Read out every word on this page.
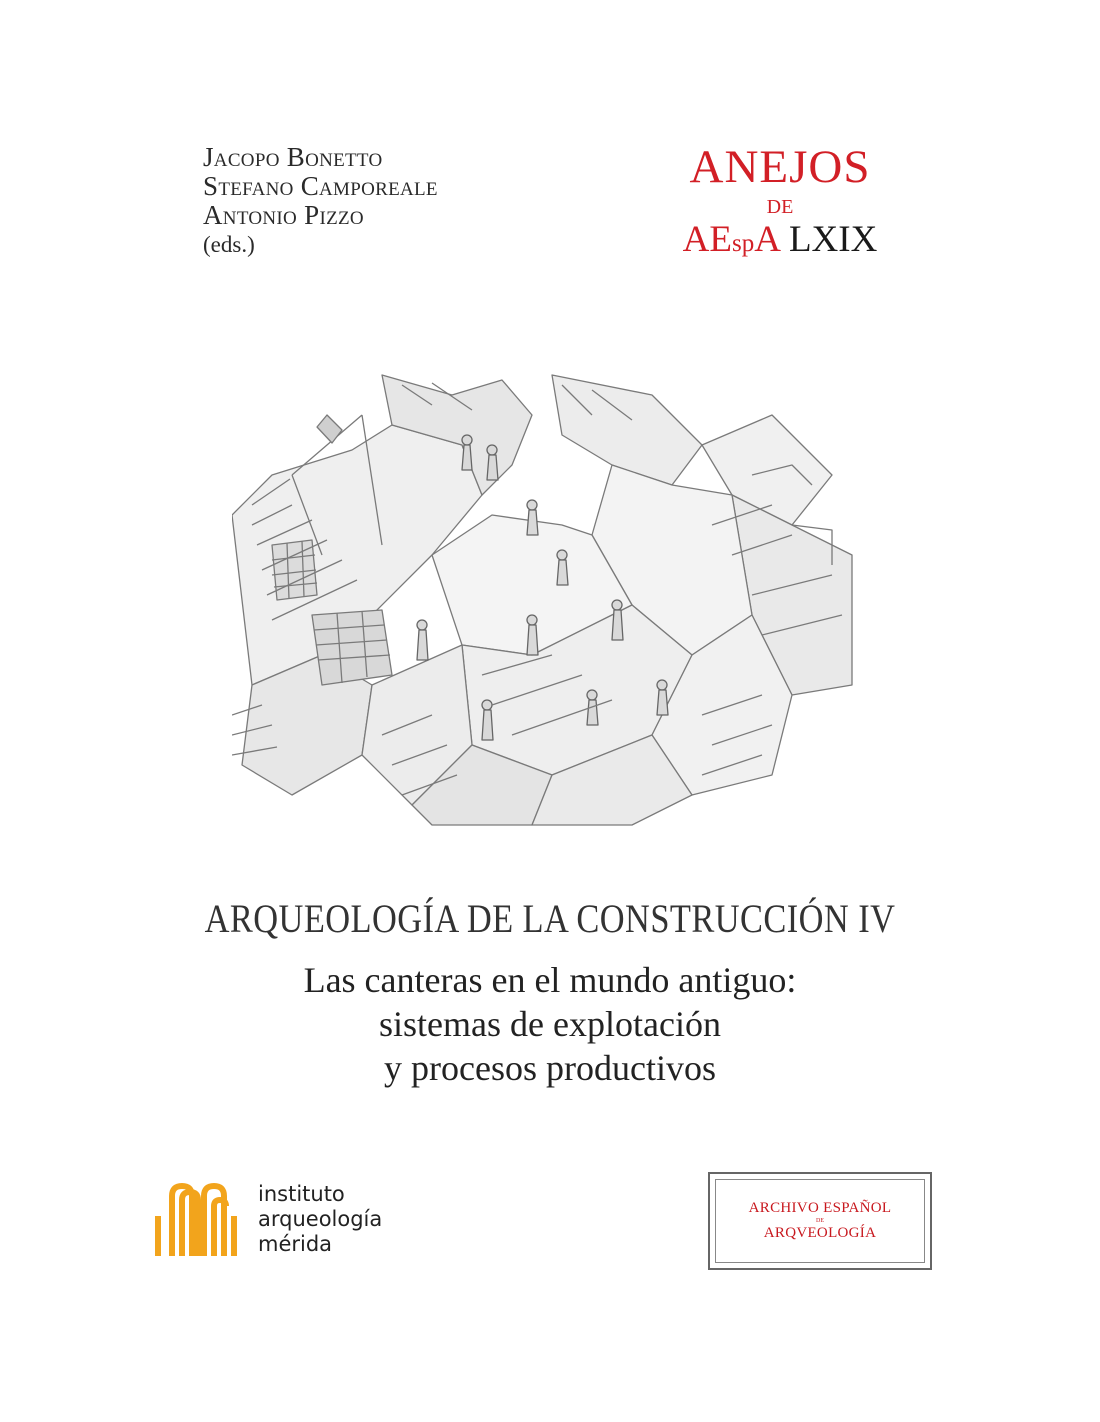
Jacopo Bonetto
Stefano Camporeale
Antonio Pizzo
(eds.)
ANEJOS
DE
AEspA LXIX
ARQUEOLOGÍA DE LA CONSTRUCCIÓN IV
Las canteras en el mundo antiguo:
sistemas de explotación
y procesos productivos
instituto
arqueología
mérida
ARCHIVO ESPAÑOL
DE
ARQVEOLOGÍA
